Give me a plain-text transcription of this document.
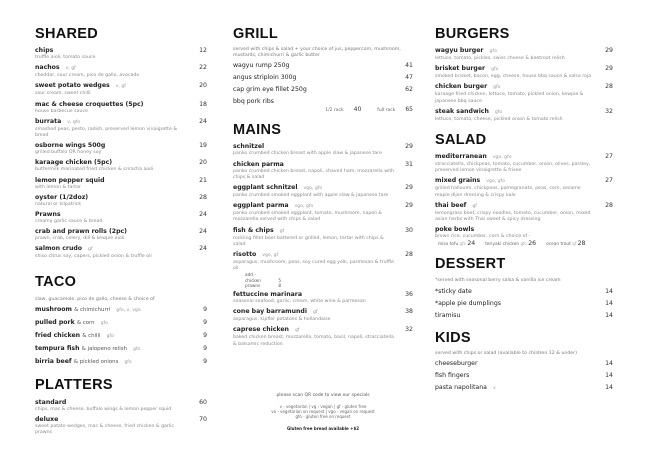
SHARED
chips	12
truffle aioli, tomato sauce
nachos v, gf	22
cheddar, sour cream, pico de gallo, avocado
sweet potato wedges v, gf	20
sour cream, sweet chilli
mac & cheese croquettes (5pc)	18
house barbecue sauce
burrata v, gfo	24
smashed peas, pesto, radish, preserved lemon vinaigrette & bread
osborne wings 500g	19
grilled buffalo OR honey soy
karaage chicken (5pc)	20
buttermilk marinated fried chicken & sriracha aioli
lemon pepper squid	21
with lemon & tartar
oyster (1/2doz)	28
natural or kilpatrick
Prawns	24
creamy garlic sauce & bread
crab and prawn rolls (2pc)	24
prawn, crab, celery, dill & kewpie aioli
salmon crudo gf	24
shiso citrus soy, capers, pickled onion & truffle oil
TACO
slaw, guacamole, pico de gallo, cheese & choice of
mushroom & chimichurri gfo, v, vgo	9
pulled pork & corn gfo	9
fried chicken & chilli gfo	9
tempura fish & jalopeno relish gfo	9
birria beef & pickled onions gfo	9
PLATTERS
standard	60
chips, mac & cheese, buffalo wings & lemon pepper squid
deluxe	70
sweet potato wedges, mac & cheese, fried chicken & garlic prawns
GRILL
served with chips & salad + your choice of jus, peppercorn, mushroom, mustards, chimichurri & garlic butter
wagyu rump 250g	41
angus striploin 300g	47
cap grim eye fillet 250g	62
bbq pork ribs
1/2 rack 40	full rack 65
MAINS
schnitzel	29
panko crumbed chicken breast with apple slaw & japanese tare
chicken parma	31
panko crumbed chicken breast, napoli, shaved ham, mozzarella with chips & salad
eggplant schnitzel vgo, gfo	29
panko crumbed smoked eggplant with apple slaw & japanese tare
eggplant parma vgo, gfo	29
panko crumbed smoked eggplant, tomato, mushroom, napoli & mozzarella served with chips & salad
fish & chips gf	30
rockling fillet beer battered or grilled, lemon, tartar with chips & salad
risotto vgo, gf	28
asparagus, mushroom, peas, soy cured egg yolk, parmesan & truffle oil
add -
chicken	5
prawns	8
fettuccine marinara	36
seasonal seafood, garlic, cream, white wine & parmesan
cone bay barramundi gf	38
asparagus, kipfler potatoes & hollandaise
caprese chicken gf	32
baked chicken breast, mozzarella, tomato, basil, napoli, stracciatella & balsamic reduction
please scan QR code to view our specials
v - vegetarian | vg - vegan | gf - gluten free
vo - vegetarian on request | vgo - vegan on request
gfo - gluten free on request
Gluten free bread available +$2
BURGERS
wagyu burger gfo	29
lettuce, tomato, pickles, swiss cheese & beetroot relish
brisket burger gfo	29
smoked brisket, bacon, egg, cheese, house bbq sauce & salsa roja
chicken burger gfo	28
karaage fried chicken, lettuce, tomato, pickled onion, kewpie & japanese bbq sauce
steak sandwich gfo	32
lettuce, tomato, cheese, pickled onion & tomato relish
SALAD
mediterranean vgo, gfo	27
stracciatella, chickpeas, tomato, cucumber, onion, olives, parsley, preserved lemon vinaigrette & frisee
mixed grains vgo, gfo	27
grilled halloumi, chickpeas, pomegranate, peas, corn, sesame maple dijon dressing & crispy kale
thai beef gf	28
lemongrass beef, crispy noodles, tomato, cucumber, onion, mixed asian herbs with Thai sweet & spicy dressing
poke bowls
brown rice, cucumber, corn & choice of -
miso tofu gfo 24 teriyaki chicken gfo 26 ocean trout gf 28
DESSERT
*served with seasonal berry salsa & vanilla ice cream
*sticky date	14
*apple pie dumplings	14
tiramisu	14
KIDS
served with chips or salad (available to children 12 & under)
cheeseburger	14
fish fingers	14
pasta napolitana v	14
